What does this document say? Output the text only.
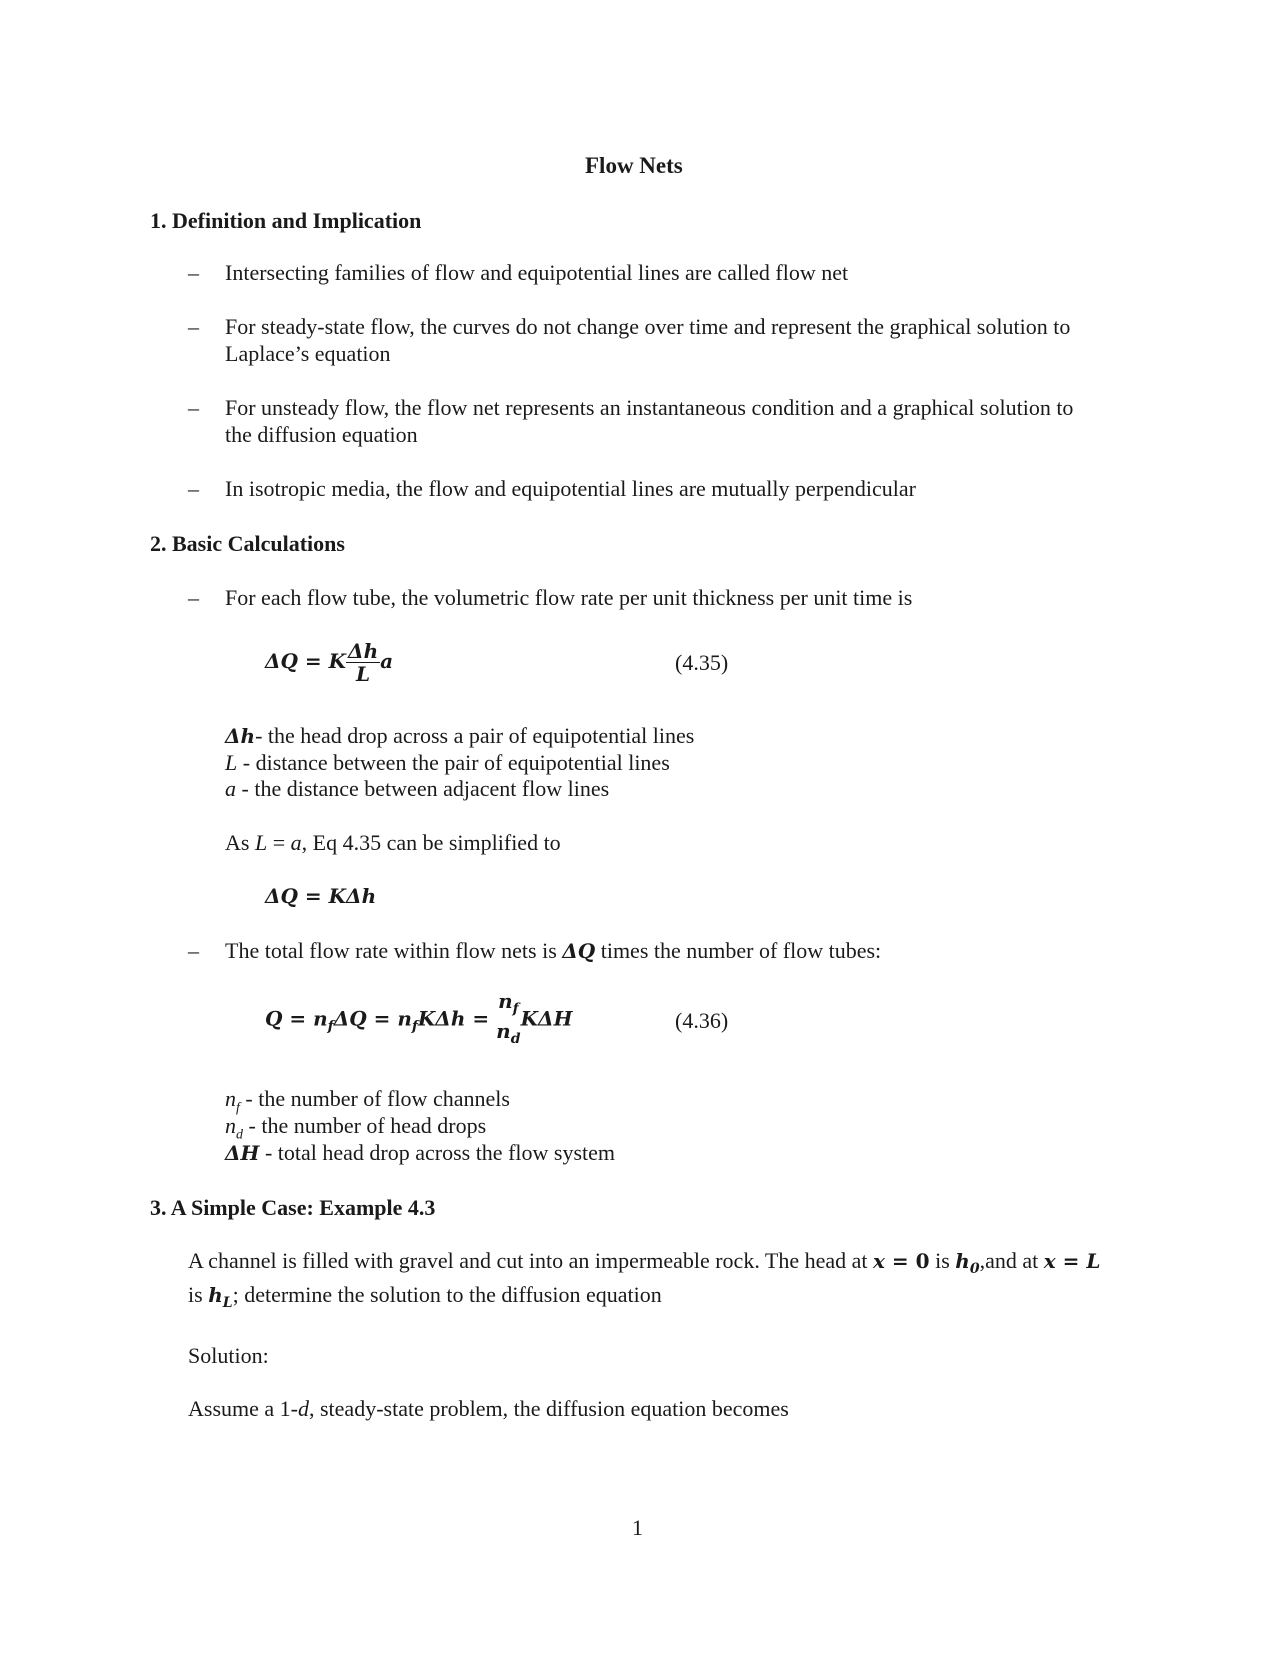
Flow Nets
1. Definition and Implication
– Intersecting families of flow and equipotential lines are called flow net
– For steady-state flow, the curves do not change over time and represent the graphical solution to
Laplace’s equation
– For unsteady flow, the flow net represents an instantaneous condition and a graphical solution to
the diffusion equation
– In isotropic media, the flow and equipotential lines are mutually perpendicular
2. Basic Calculations
– For each flow tube, the volumetric flow rate per unit thickness per unit time is
ΔQ = K $\frac{\Delta h}{L}$ a	(4.35)
Δh- the head drop across a pair of equipotential lines
L - distance between the pair of equipotential lines
a - the distance between adjacent flow lines
As L = a, Eq 4.35 can be simplified to
ΔQ = KΔh
– The total flow rate within flow nets is ΔQ times the number of flow tubes:
$Q = n_f\Delta Q = n_fK\Delta h$ =
$n_f$
$n_d$
KΔH	(4.36)
$n_f$ - the number of flow channels
$n_d$ - the number of head drops
ΔH - total head drop across the flow system
3. A Simple Case: Example 4.3
A channel is filled with gravel and cut into an impermeable rock. The head at x = 0 is $h_0,and$ at x = L
is $h_L$; determine the solution to the diffusion equation
Solution:
Assume a 1-d, steady-state problem, the diffusion equation becomes
1
